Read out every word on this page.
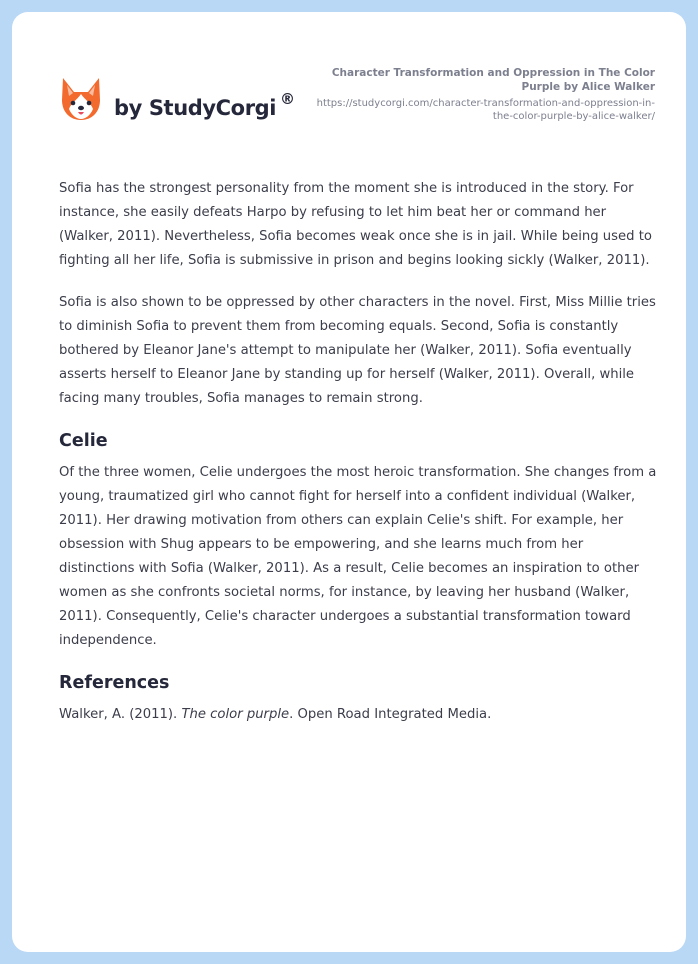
by StudyCorgi ®
Character Transformation and Oppression in The Color Purple by Alice Walker
https://studycorgi.com/character-transformation-and-oppression-in-the-color-purple-by-alice-walker/

Sofia has the strongest personality from the moment she is introduced in the story. For instance, she easily defeats Harpo by refusing to let him beat her or command her (Walker, 2011). Nevertheless, Sofia becomes weak once she is in jail. While being used to fighting all her life, Sofia is submissive in prison and begins looking sickly (Walker, 2011).

Sofia is also shown to be oppressed by other characters in the novel. First, Miss Millie tries to diminish Sofia to prevent them from becoming equals. Second, Sofia is constantly bothered by Eleanor Jane's attempt to manipulate her (Walker, 2011). Sofia eventually asserts herself to Eleanor Jane by standing up for herself (Walker, 2011). Overall, while facing many troubles, Sofia manages to remain strong.

Celie

Of the three women, Celie undergoes the most heroic transformation. She changes from a young, traumatized girl who cannot fight for herself into a confident individual (Walker, 2011). Her drawing motivation from others can explain Celie's shift. For example, her obsession with Shug appears to be empowering, and she learns much from her distinctions with Sofia (Walker, 2011). As a result, Celie becomes an inspiration to other women as she confronts societal norms, for instance, by leaving her husband (Walker, 2011). Consequently, Celie's character undergoes a substantial transformation toward independence.

References

Walker, A. (2011). The color purple. Open Road Integrated Media.
